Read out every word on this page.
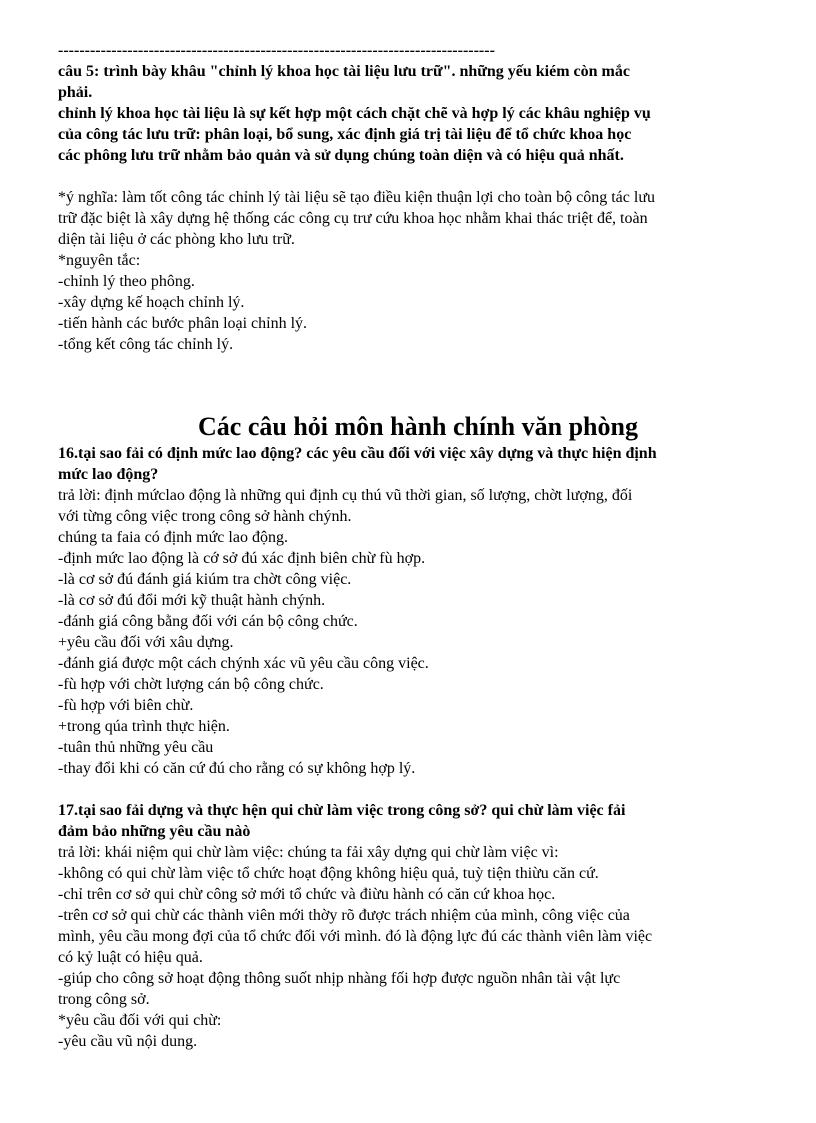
----------------------------------------------------------------------------------

câu 5: trình bày khâu "chỉnh lý khoa học tài liệu lưu trữ". những yếu kiém còn mắc

phải.

chỉnh lý khoa học tài liệu là sự kết hợp một cách chặt chẽ và hợp lý các khâu nghiệp vụ

của công tác lưu trữ: phân loại, bổ sung, xác định giá trị tài liệu để tổ chức khoa học

các phông lưu trữ nhằm bảo quản và sử dụng chúng toàn diện và có hiệu quả nhất.

*ý nghĩa: làm tốt công tác chỉnh lý tài liệu sẽ tạo điều kiện thuận lợi cho toàn bộ công tác lưu

trữ đặc biệt là xây dựng hệ thống các công cụ trư cứu khoa học nhằm khai thác triệt để, toàn

diện tài liệu ở các phòng kho lưu trữ.

*nguyên tắc:

-chỉnh lý theo phông.

-xây dựng kế hoạch chỉnh lý.

-tiến hành các bước phân loại chỉnh lý.

-tổng kết công tác chỉnh lý.

Các câu hỏi môn hành chính văn phòng

16.tại sao fải có định mức lao động? các yêu cầu đối với việc xây dựng và thực hiện định

mức lao động?

trả lời: định mứclao động là những qui định cụ thú vũ thời gian, số lượng, chờt lượng, đối

với từng công việc trong công sở hành chýnh.

chúng ta faia có định mức lao động.

-định mức lao động là cớ sở đú xác định biên chừ fù hợp.

-là cơ sở đú đánh giá kiúm tra chờt công việc.

-là cơ sở đú đổi mới kỹ thuật hành chýnh.

-đánh giá công bằng đối với cán bộ công chức.

+yêu cầu đối với xâu dựng.

-đánh giá được một cách chýnh xác vũ yêu cầu công việc.

-fù hợp với chờt lượng cán bộ công chức.

-fù hợp với biên chừ.

+trong qúa trình thực hiện.

-tuân thủ những yêu cầu

-thay đổi khi có căn cứ đú cho rằng có sự không hợp lý.

17.tại sao fải dựng và thực hện qui chừ làm việc trong công sở? qui chừ làm việc fải

đảm bảo những yêu cầu nàò

trả lời: khái niệm qui chừ làm việc: chúng ta fải xây dựng qui chừ làm việc vì:

-không có qui chừ làm việc tổ chức hoạt động không hiệu quả, tuỳ tiện thiừu căn cứ.

-chỉ trên cơ sở qui chừ công sở mới tổ chức và điừu hành có căn cứ khoa học.

-trên cơ sở qui chừ các thành viên mới thờy rõ được trách nhiệm của mình, công việc của

mình, yêu cầu mong đợi của tổ chức đối với mình. đó là động lực đú các thành viên làm việc

có kỷ luật có hiệu quả.

-giúp cho công sở hoạt động thông suốt nhịp nhàng fối hợp được nguồn nhân tài vật lực

trong công sở.

*yêu cầu đối với qui chừ:

-yêu cầu vũ nội dung.
